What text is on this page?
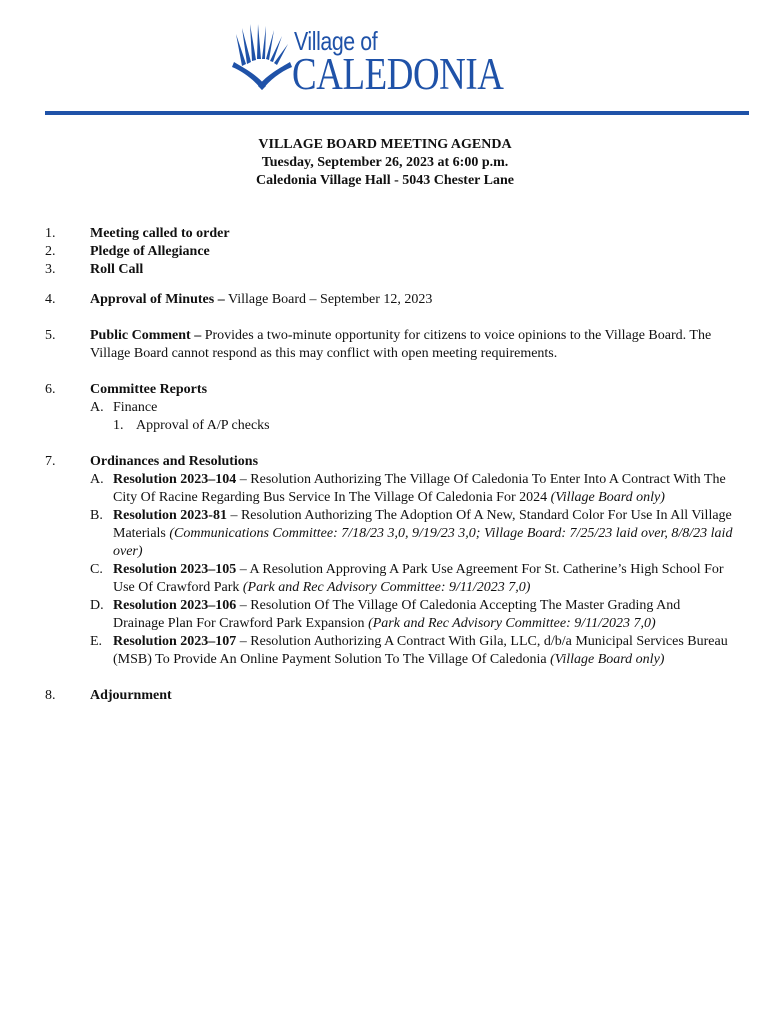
Village of
CALEDONIA
VILLAGE BOARD MEETING AGENDA
Tuesday, September 26, 2023 at 6:00 p.m.
Caledonia Village Hall - 5043 Chester Lane
1.	Meeting called to order
2.	Pledge of Allegiance
3.	Roll Call
4.	Approval of Minutes – Village Board – September 12, 2023
5.	Public Comment – Provides a two-minute opportunity for citizens to voice opinions to the Village Board. The Village Board cannot respond as this may conflict with open meeting requirements.
6.	Committee Reports
A. Finance
1. Approval of A/P checks
7.	Ordinances and Resolutions
A. Resolution 2023–104 – Resolution Authorizing The Village Of Caledonia To Enter Into A Contract With The City Of Racine Regarding Bus Service In The Village Of Caledonia For 2024 (Village Board only)
B. Resolution 2023-81 – Resolution Authorizing The Adoption Of A New, Standard Color For Use In All Village Materials (Communications Committee: 7/18/23 3,0, 9/19/23 3,0; Village Board: 7/25/23 laid over, 8/8/23 laid over)
C. Resolution 2023–105 – A Resolution Approving A Park Use Agreement For St. Catherine’s High School For Use Of Crawford Park (Park and Rec Advisory Committee: 9/11/2023 7,0)
D. Resolution 2023–106 – Resolution Of The Village Of Caledonia Accepting The Master Grading And Drainage Plan For Crawford Park Expansion (Park and Rec Advisory Committee: 9/11/2023 7,0)
E. Resolution 2023–107 – Resolution Authorizing A Contract With Gila, LLC, d/b/a Municipal Services Bureau (MSB) To Provide An Online Payment Solution To The Village Of Caledonia (Village Board only)
8.	Adjournment
